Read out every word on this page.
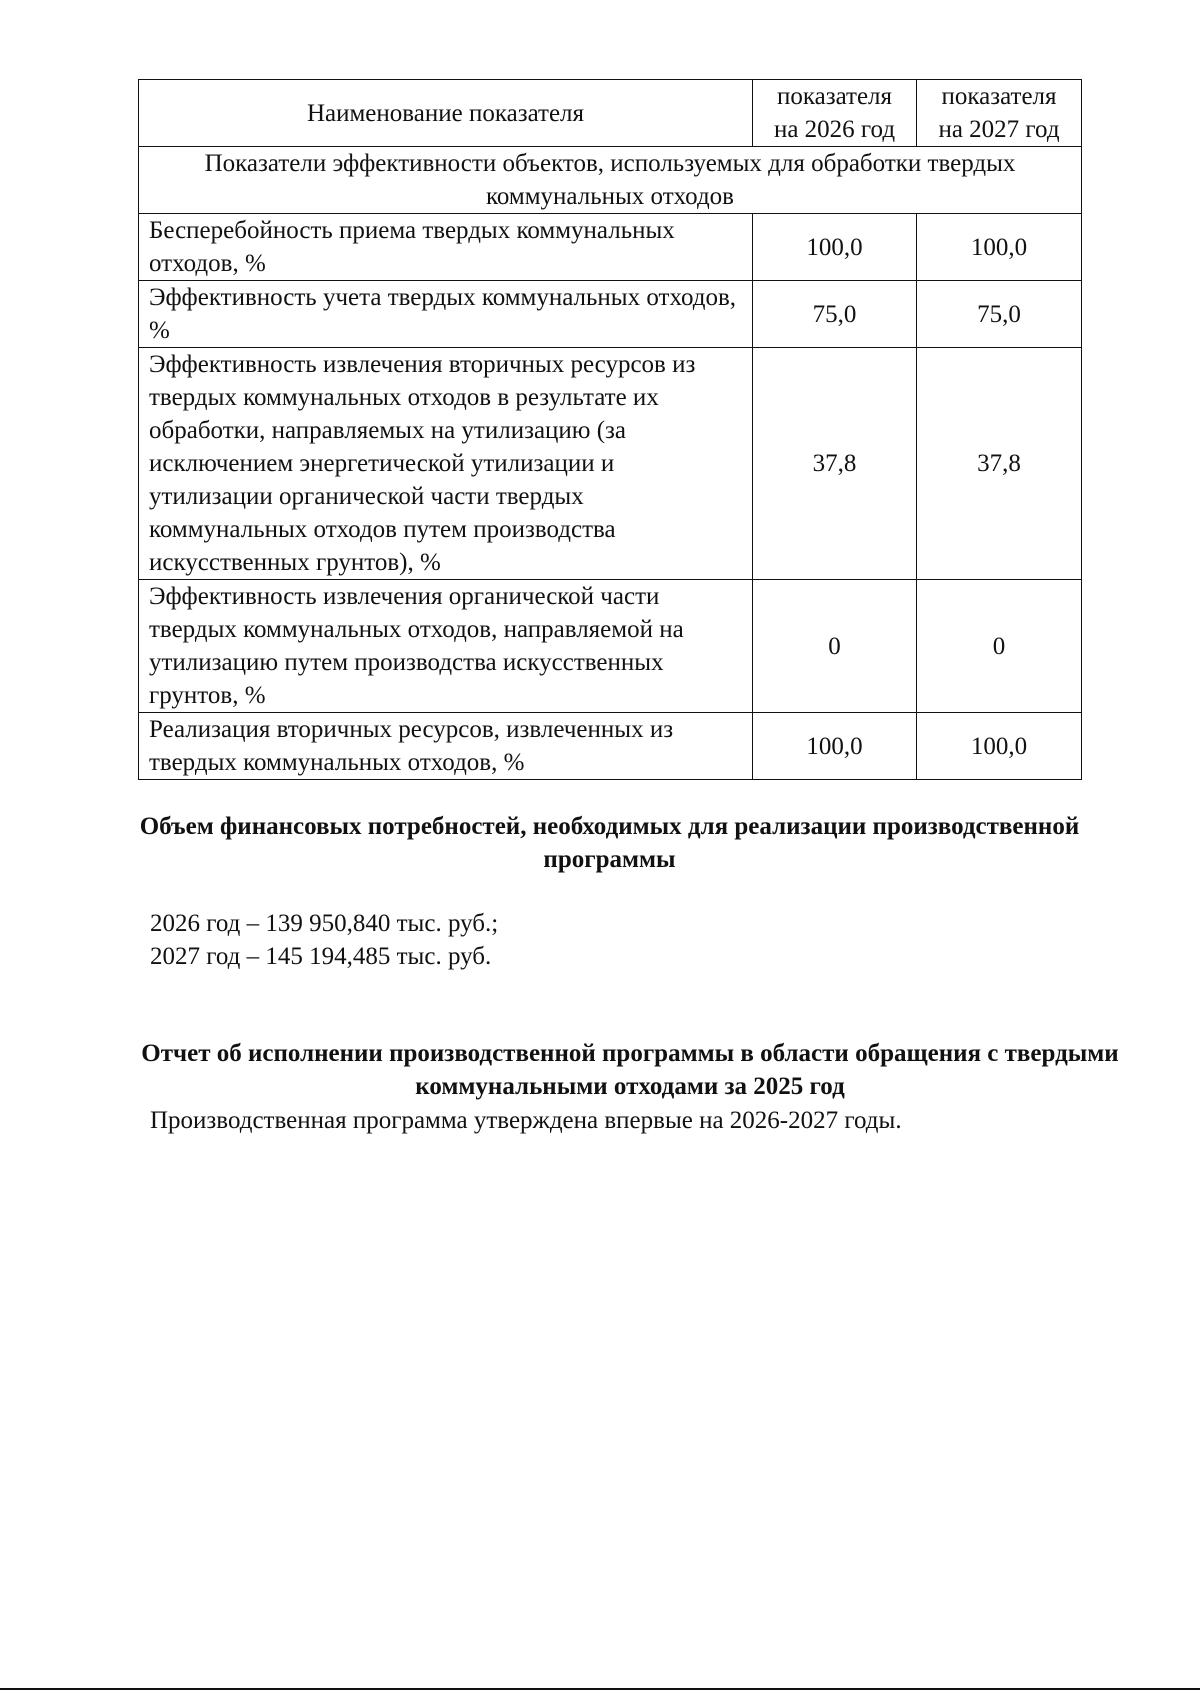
Наименование показателя	показателя на 2026 год	показателя на 2027 год
Показатели эффективности объектов, используемых для обработки твердых коммунальных отходов		
Бесперебойность приема твердых коммунальных отходов, %	100,0	100,0
Эффективность учета твердых коммунальных отходов, %	75,0	75,0
Эффективность извлечения вторичных ресурсов из твердых коммунальных отходов в результате их обработки, направляемых на утилизацию (за исключением энергетической утилизации и утилизации органической части твердых коммунальных отходов путем производства искусственных грунтов), %	37,8	37,8
Эффективность извлечения органической части твердых коммунальных отходов, направляемой на утилизацию путем производства искусственных грунтов, %	0	0
Реализация вторичных ресурсов, извлеченных из твердых коммунальных отходов, %	100,0	100,0
Объем финансовых потребностей, необходимых для реализации производственной программы
2026 год – 139 950,840 тыс. руб.;
2027 год – 145 194,485 тыс. руб.
Отчет об исполнении производственной программы в области обращения с твердыми коммунальными отходами за 2025 год
Производственная программа утверждена впервые на 2026-2027 годы.
